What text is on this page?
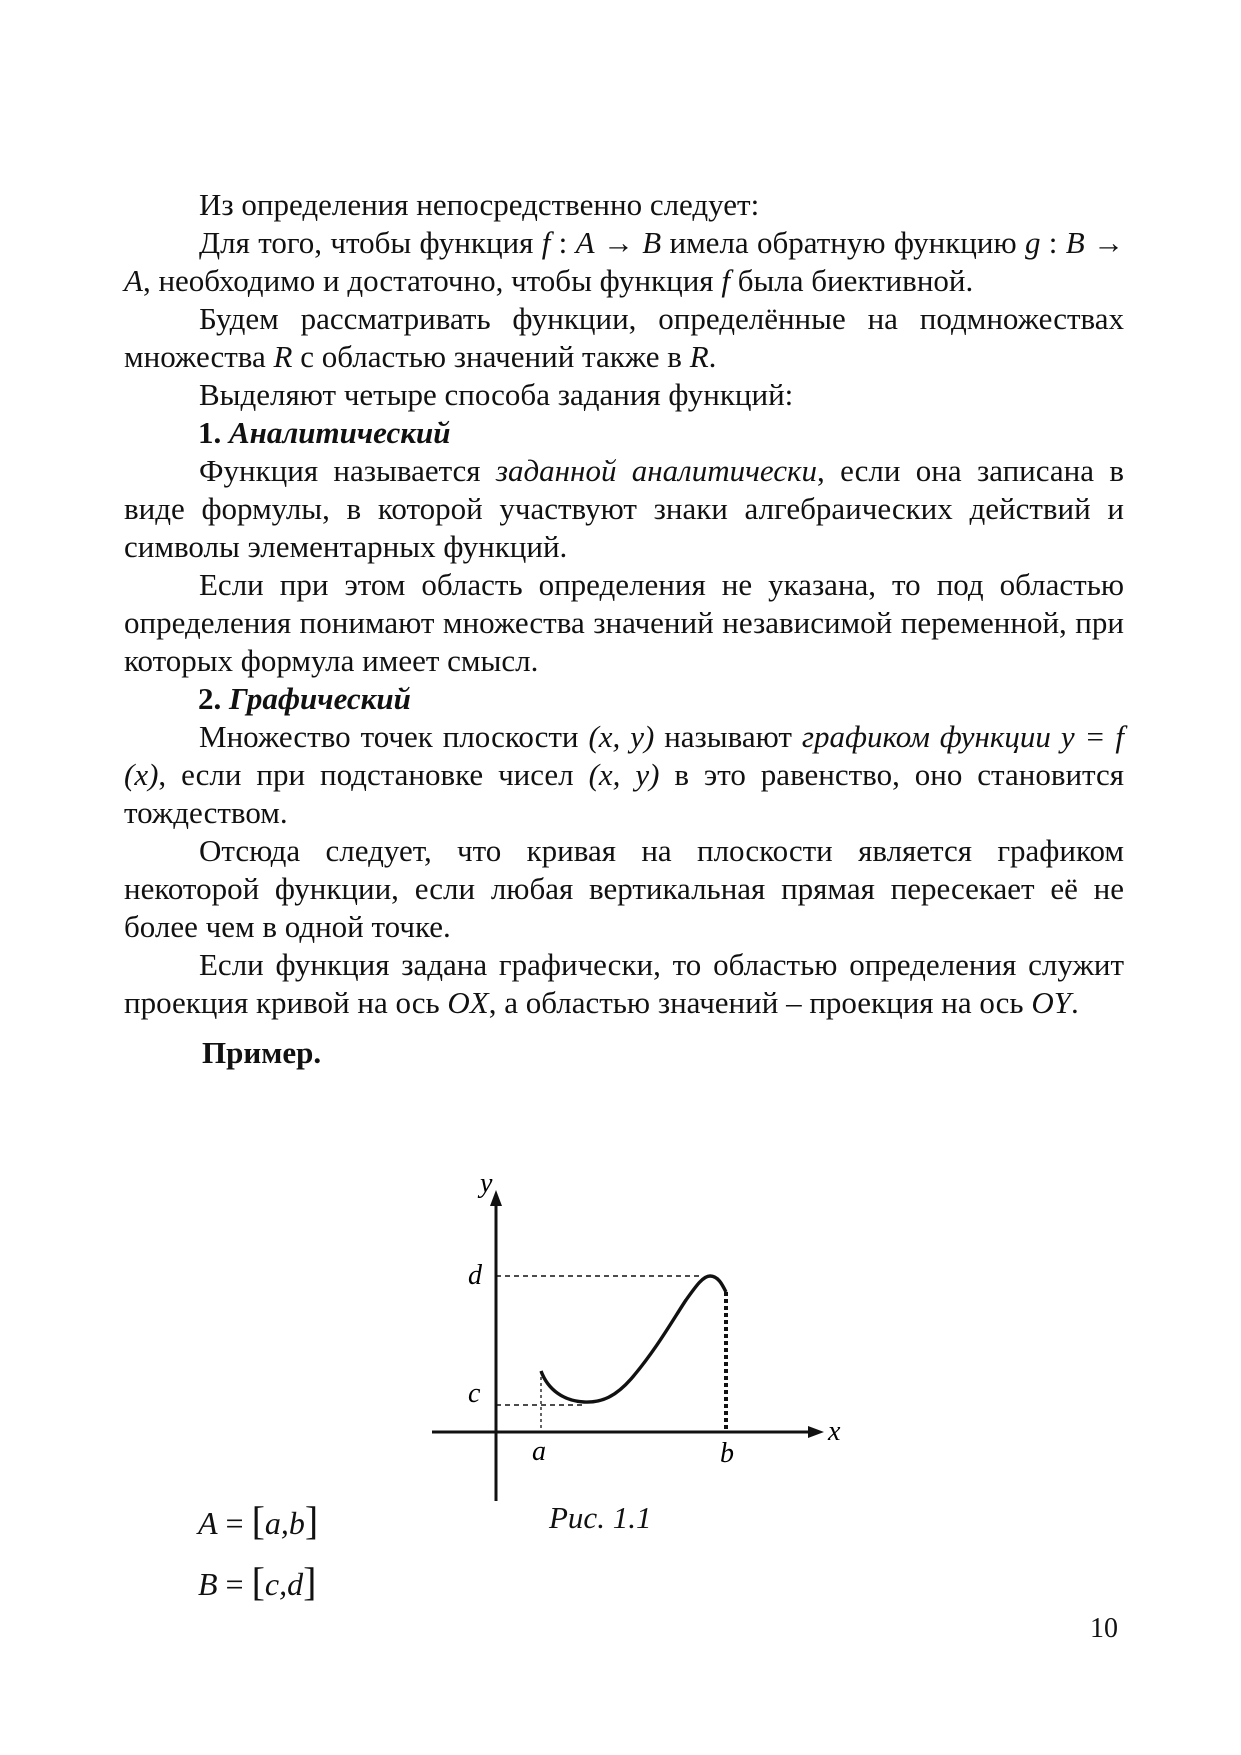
Из определения непосредственно следует:

Для того, чтобы функция f : A → B имела обратную функцию g : B → A, необходимо и достаточно, чтобы функция f была биективной.

Будем рассматривать функции, определённые на подмножествах множества R с областью значений также в R.

Выделяют четыре способа задания функций:

1. Аналитический

Функция называется заданной аналитически, если она записана в виде формулы, в которой участвуют знаки алгебраических действий и символы элементарных функций.

Если при этом область определения не указана, то под областью определения понимают множества значений независимой переменной, при которых формула имеет смысл.

2. Графический

Множество точек плоскости (x, y) называют графиком функции y = f (x), если при подстановке чисел (x, y) в это равенство, оно становится тождеством.

Отсюда следует, что кривая на плоскости является графиком некоторой функции, если любая вертикальная прямая пересекает её не более чем в одной точке.

Если функция задана графически, то областью определения служит проекция кривой на ось OX, а областью значений – проекция на ось OY.

Пример.

y
x
d
c
a	b
Рис. 1.1
A = [a,b]
B = [c,d]
10
